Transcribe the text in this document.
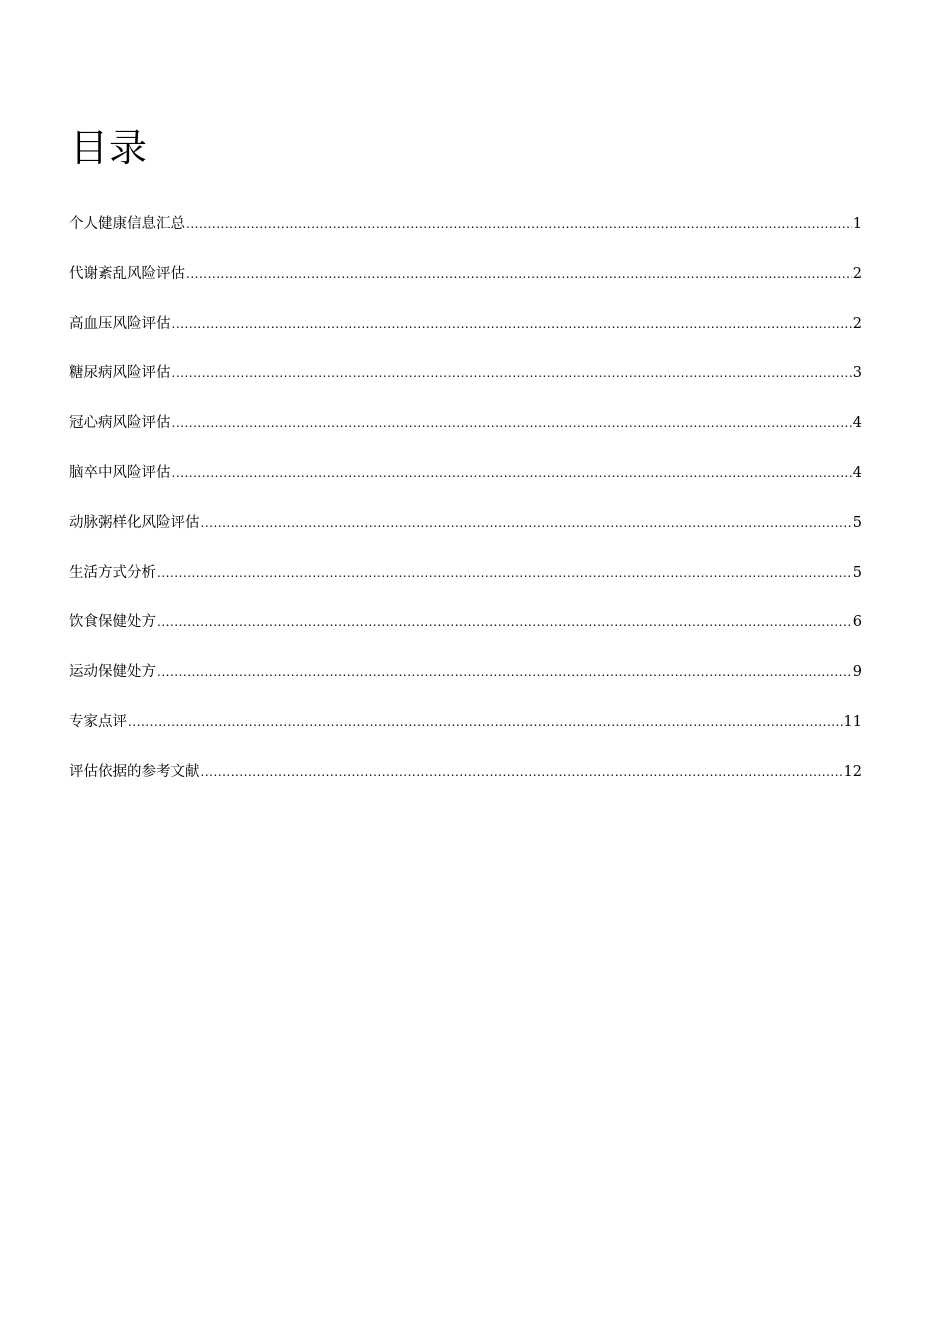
目录
个人健康信息汇总 .....	1
代谢紊乱风险评估 .....	2
高血压风险评估 .....	2
糖尿病风险评估 .....	3
冠心病风险评估 .....	4
脑卒中风险评估 .....	4
动脉粥样化风险评估 .....	5
生活方式分析 .....	5
饮食保健处方 .....	6
运动保健处方 .....	9
专家点评 .....	11
评估依据的参考文献 .....	12
